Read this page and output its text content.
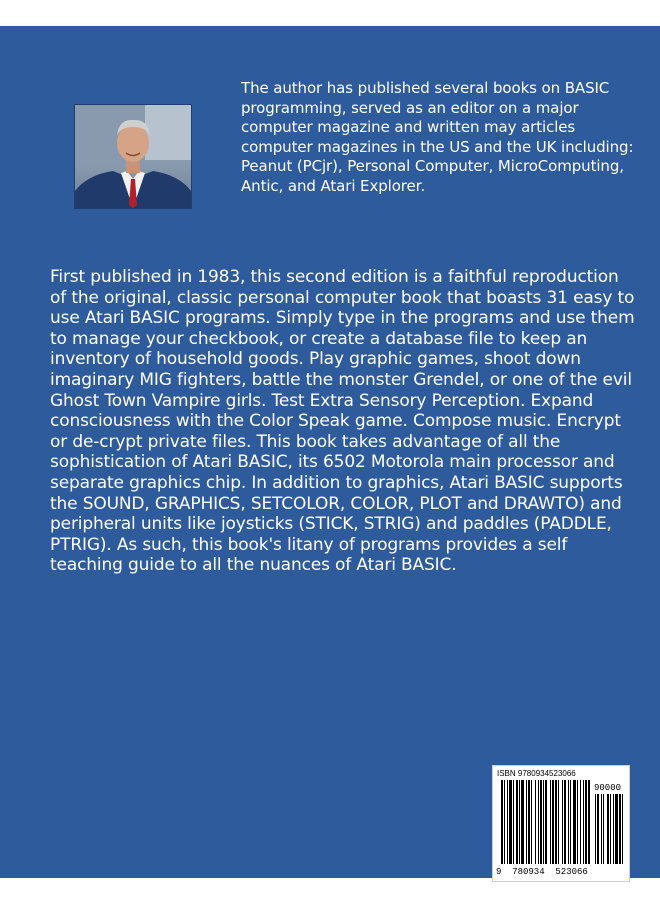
The author has published several books on BASIC programming, served as an editor on a major computer magazine and written may articles computer magazines in the US and the UK including: Peanut (PCjr), Personal Computer, MicroComputing, Antic, and Atari Explorer.

First published in 1983, this second edition is a faithful reproduction of the original, classic personal computer book that boasts 31 easy to use Atari BASIC programs. Simply type in the programs and use them to manage your checkbook, or create a database file to keep an inventory of household goods. Play graphic games, shoot down imaginary MIG fighters, battle the monster Grendel, or one of the evil Ghost Town Vampire girls. Test Extra Sensory Perception. Expand consciousness with the Color Speak game. Compose music. Encrypt or de-crypt private files. This book takes advantage of all the sophistication of Atari BASIC, its 6502 Motorola main processor and separate graphics chip. In addition to graphics, Atari BASIC supports the SOUND, GRAPHICS, SETCOLOR, COLOR, PLOT and DRAWTO) and peripheral units like joysticks (STICK, STRIG) and paddles (PADDLE, PTRIG). As such, this book's litany of programs provides a self teaching guide to all the nuances of Atari BASIC.

ISBN 9780934523066

90000

9  780934  523066
